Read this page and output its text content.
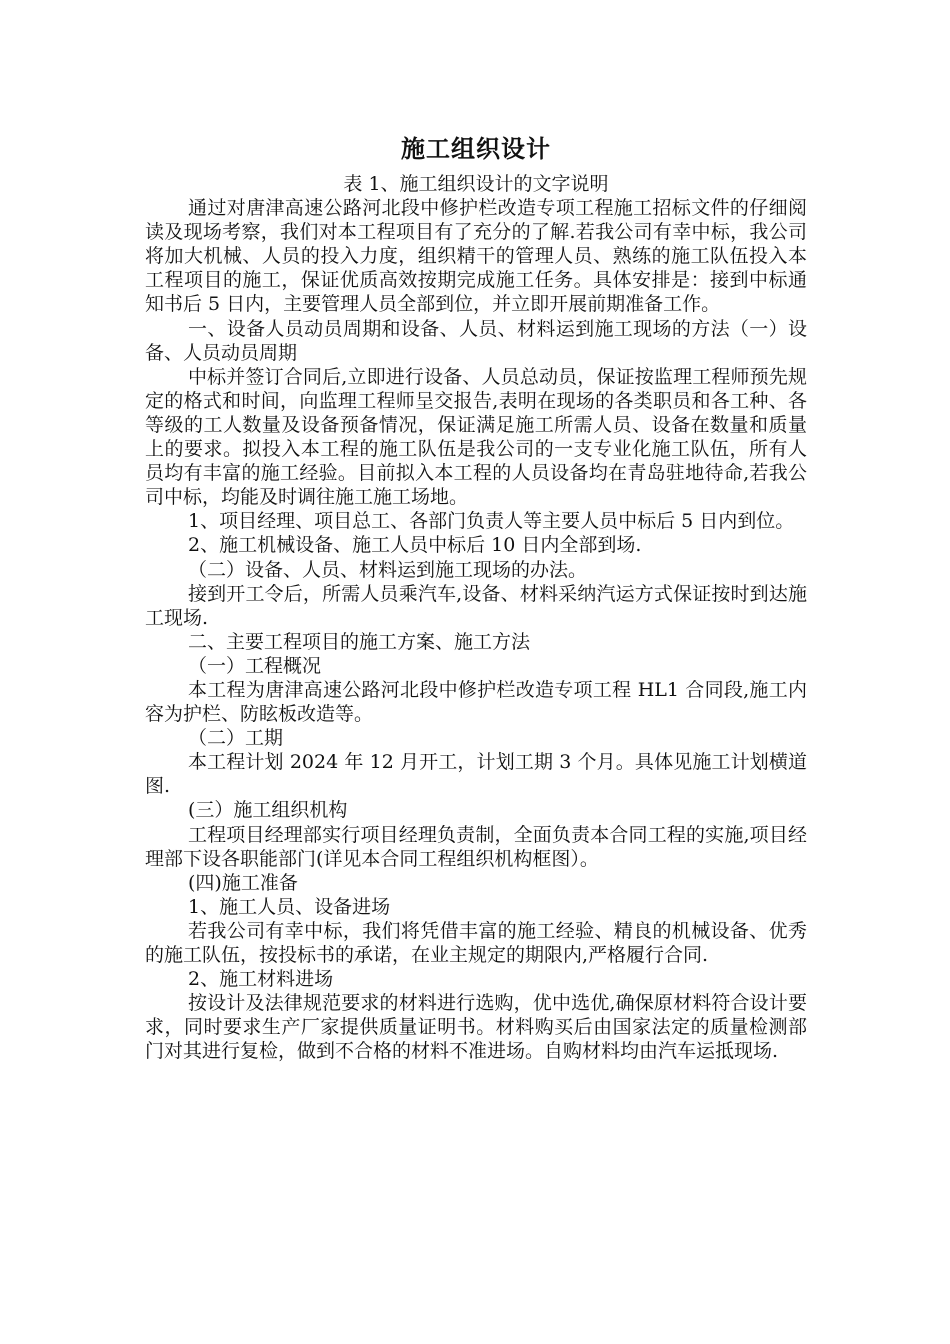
施工组织设计

表 1、施工组织设计的文字说明

通过对唐津高速公路河北段中修护栏改造专项工程施工招标文件的仔细阅读及现场考察，我们对本工程项目有了充分的了解.若我公司有幸中标，我公司将加大机械、人员的投入力度，组织精干的管理人员、熟练的施工队伍投入本工程项目的施工，保证优质高效按期完成施工任务。具体安排是：接到中标通知书后 5 日内，主要管理人员全部到位，并立即开展前期准备工作。

一、设备人员动员周期和设备、人员、材料运到施工现场的方法（一）设备、人员动员周期

中标并签订合同后,立即进行设备、人员总动员，保证按监理工程师预先规定的格式和时间，向监理工程师呈交报告,表明在现场的各类职员和各工种、各等级的工人数量及设备预备情况，保证满足施工所需人员、设备在数量和质量上的要求。拟投入本工程的施工队伍是我公司的一支专业化施工队伍，所有人员均有丰富的施工经验。目前拟入本工程的人员设备均在青岛驻地待命,若我公司中标，均能及时调往施工施工场地。

1、项目经理、项目总工、各部门负责人等主要人员中标后 5 日内到位。

2、施工机械设备、施工人员中标后 10 日内全部到场.

（二）设备、人员、材料运到施工现场的办法。

接到开工令后，所需人员乘汽车,设备、材料采纳汽运方式保证按时到达施工现场.

二、主要工程项目的施工方案、施工方法

（一）工程概况

本工程为唐津高速公路河北段中修护栏改造专项工程 HL1 合同段,施工内容为护栏、防眩板改造等。

（二）工期

本工程计划 2024 年 12 月开工，计划工期 3 个月。具体见施工计划横道图.

(三）施工组织机构

工程项目经理部实行项目经理负责制，全面负责本合同工程的实施,项目经理部下设各职能部门(详见本合同工程组织机构框图）。

(四)施工准备

1、施工人员、设备进场

若我公司有幸中标，我们将凭借丰富的施工经验、精良的机械设备、优秀的施工队伍，按投标书的承诺，在业主规定的期限内,严格履行合同.

2、施工材料进场

按设计及法律规范要求的材料进行选购，优中选优,确保原材料符合设计要求，同时要求生产厂家提供质量证明书。材料购买后由国家法定的质量检测部门对其进行复检，做到不合格的材料不准进场。自购材料均由汽车运抵现场.
